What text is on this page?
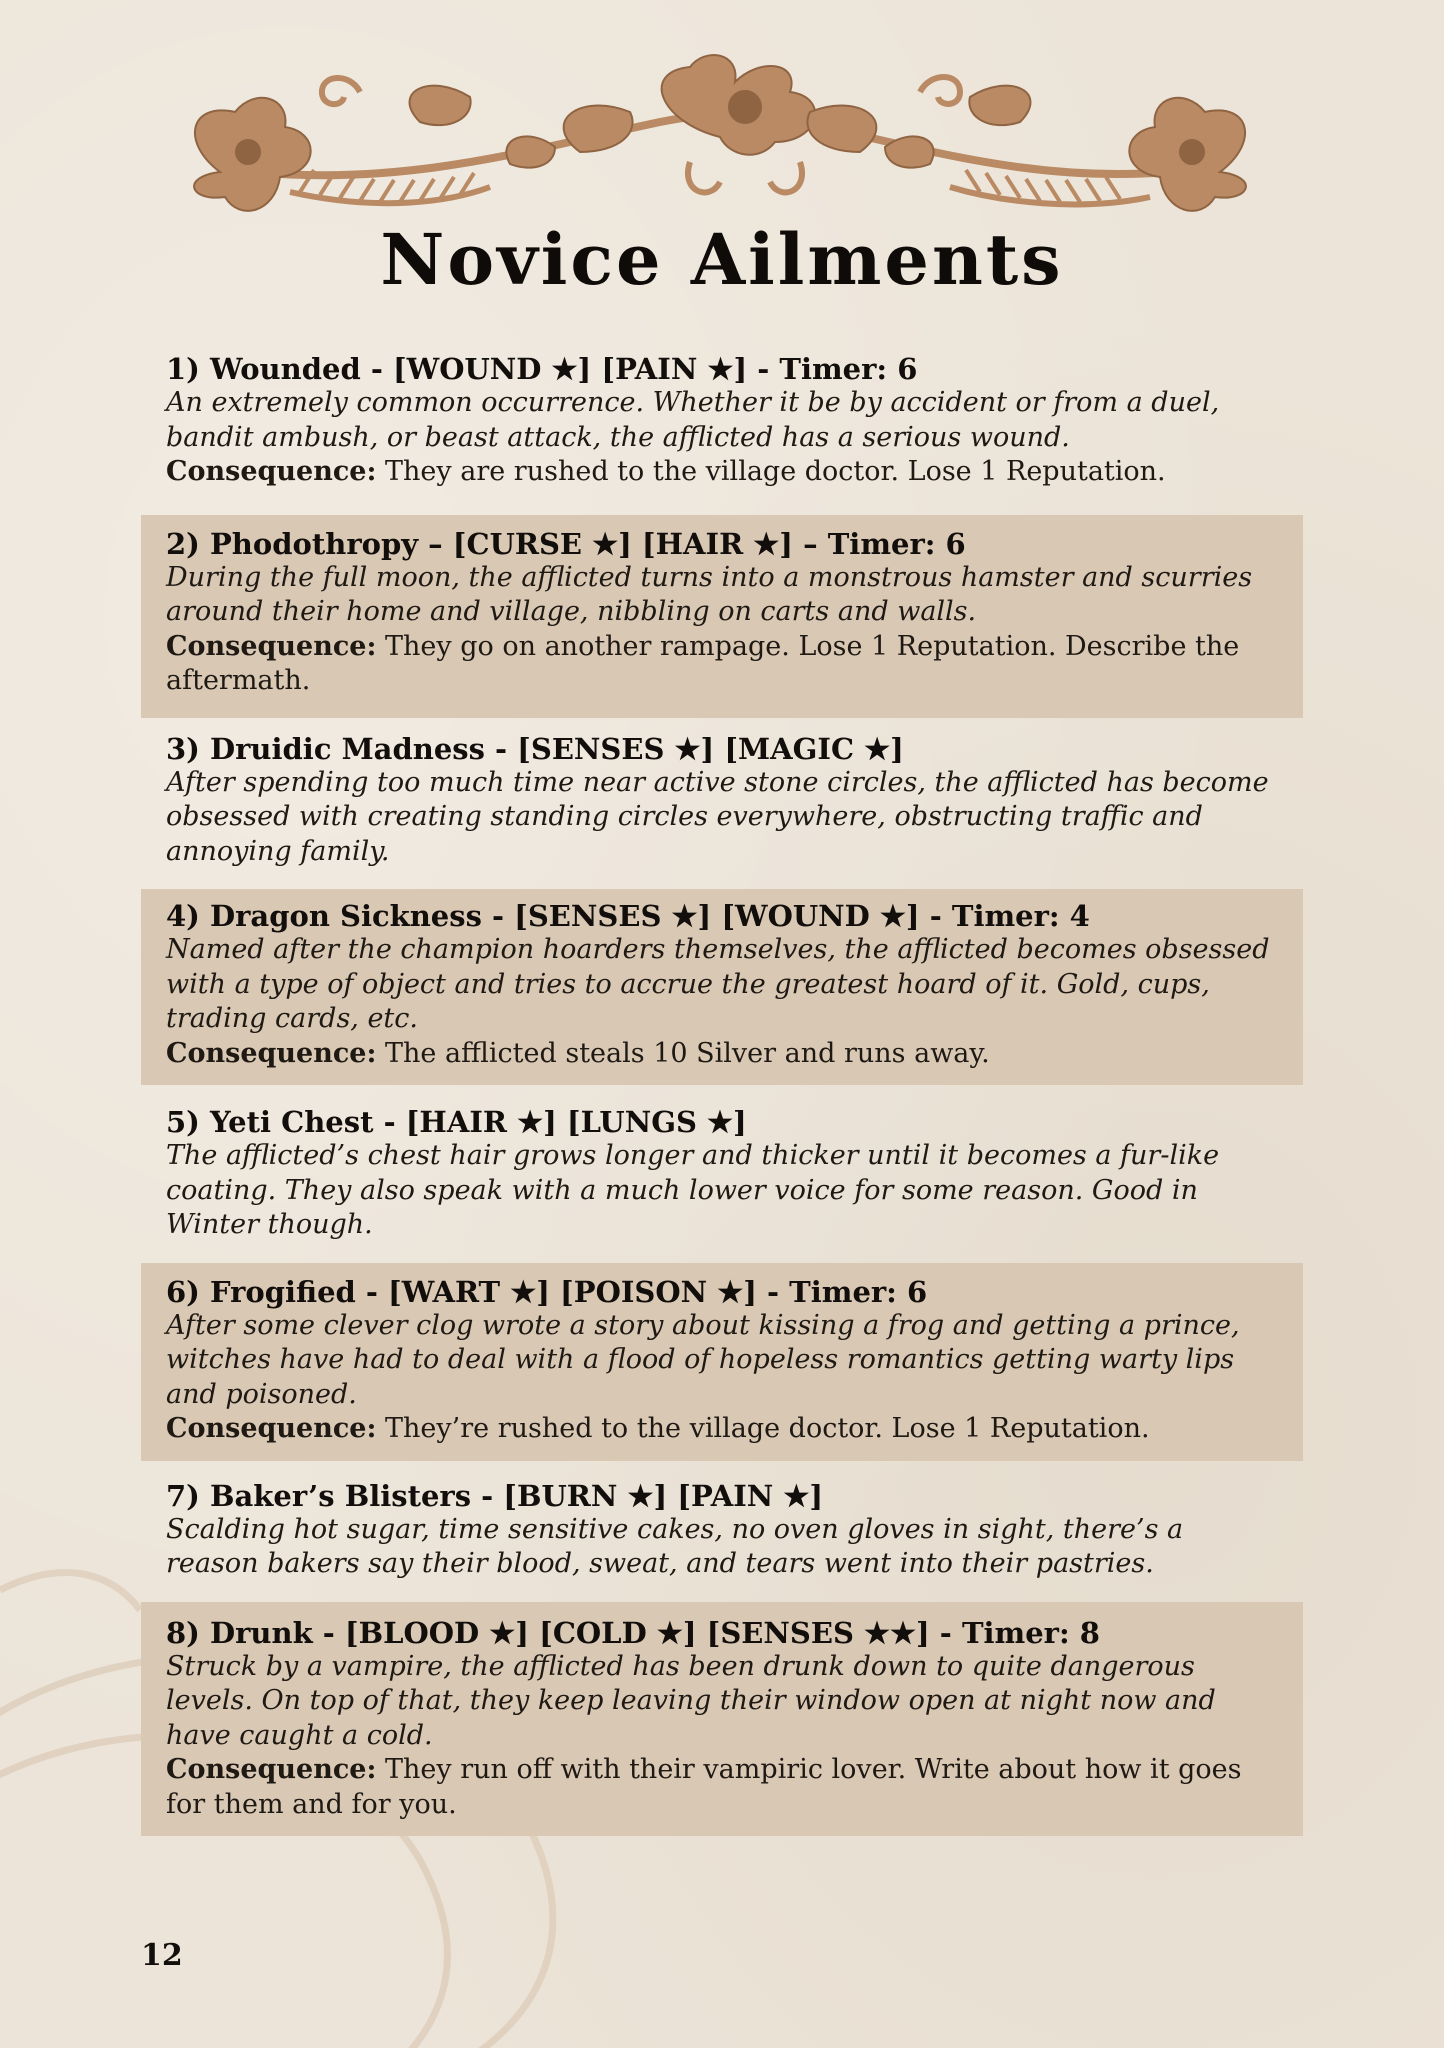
Novice Ailments
1) Wounded - [WOUND ★] [PAIN ★] - Timer: 6
An extremely common occurrence. Whether it be by accident or from a duel, bandit ambush, or beast attack, the afflicted has a serious wound.
Consequence: They are rushed to the village doctor. Lose 1 Reputation.
2) Phodothropy – [CURSE ★] [HAIR ★] – Timer: 6
During the full moon, the afflicted turns into a monstrous hamster and scurries around their home and village, nibbling on carts and walls.
Consequence: They go on another rampage. Lose 1 Reputation. Describe the aftermath.
3) Druidic Madness - [SENSES ★] [MAGIC ★]
After spending too much time near active stone circles, the afflicted has become obsessed with creating standing circles everywhere, obstructing traffic and annoying family.
4) Dragon Sickness - [SENSES ★] [WOUND ★] - Timer: 4
Named after the champion hoarders themselves, the afflicted becomes obsessed with a type of object and tries to accrue the greatest hoard of it. Gold, cups, trading cards, etc.
Consequence: The afflicted steals 10 Silver and runs away.
5) Yeti Chest - [HAIR ★] [LUNGS ★]
The afflicted’s chest hair grows longer and thicker until it becomes a fur-like coating. They also speak with a much lower voice for some reason. Good in Winter though.
6) Frogified - [WART ★] [POISON ★] - Timer: 6
After some clever clog wrote a story about kissing a frog and getting a prince, witches have had to deal with a flood of hopeless romantics getting warty lips and poisoned.
Consequence: They’re rushed to the village doctor. Lose 1 Reputation.
7) Baker’s Blisters - [BURN ★] [PAIN ★]
Scalding hot sugar, time sensitive cakes, no oven gloves in sight, there’s a reason bakers say their blood, sweat, and tears went into their pastries.
8) Drunk - [BLOOD ★] [COLD ★] [SENSES ★★] - Timer: 8
Struck by a vampire, the afflicted has been drunk down to quite dangerous levels. On top of that, they keep leaving their window open at night now and have caught a cold.
Consequence: They run off with their vampiric lover. Write about how it goes for them and for you.
12
